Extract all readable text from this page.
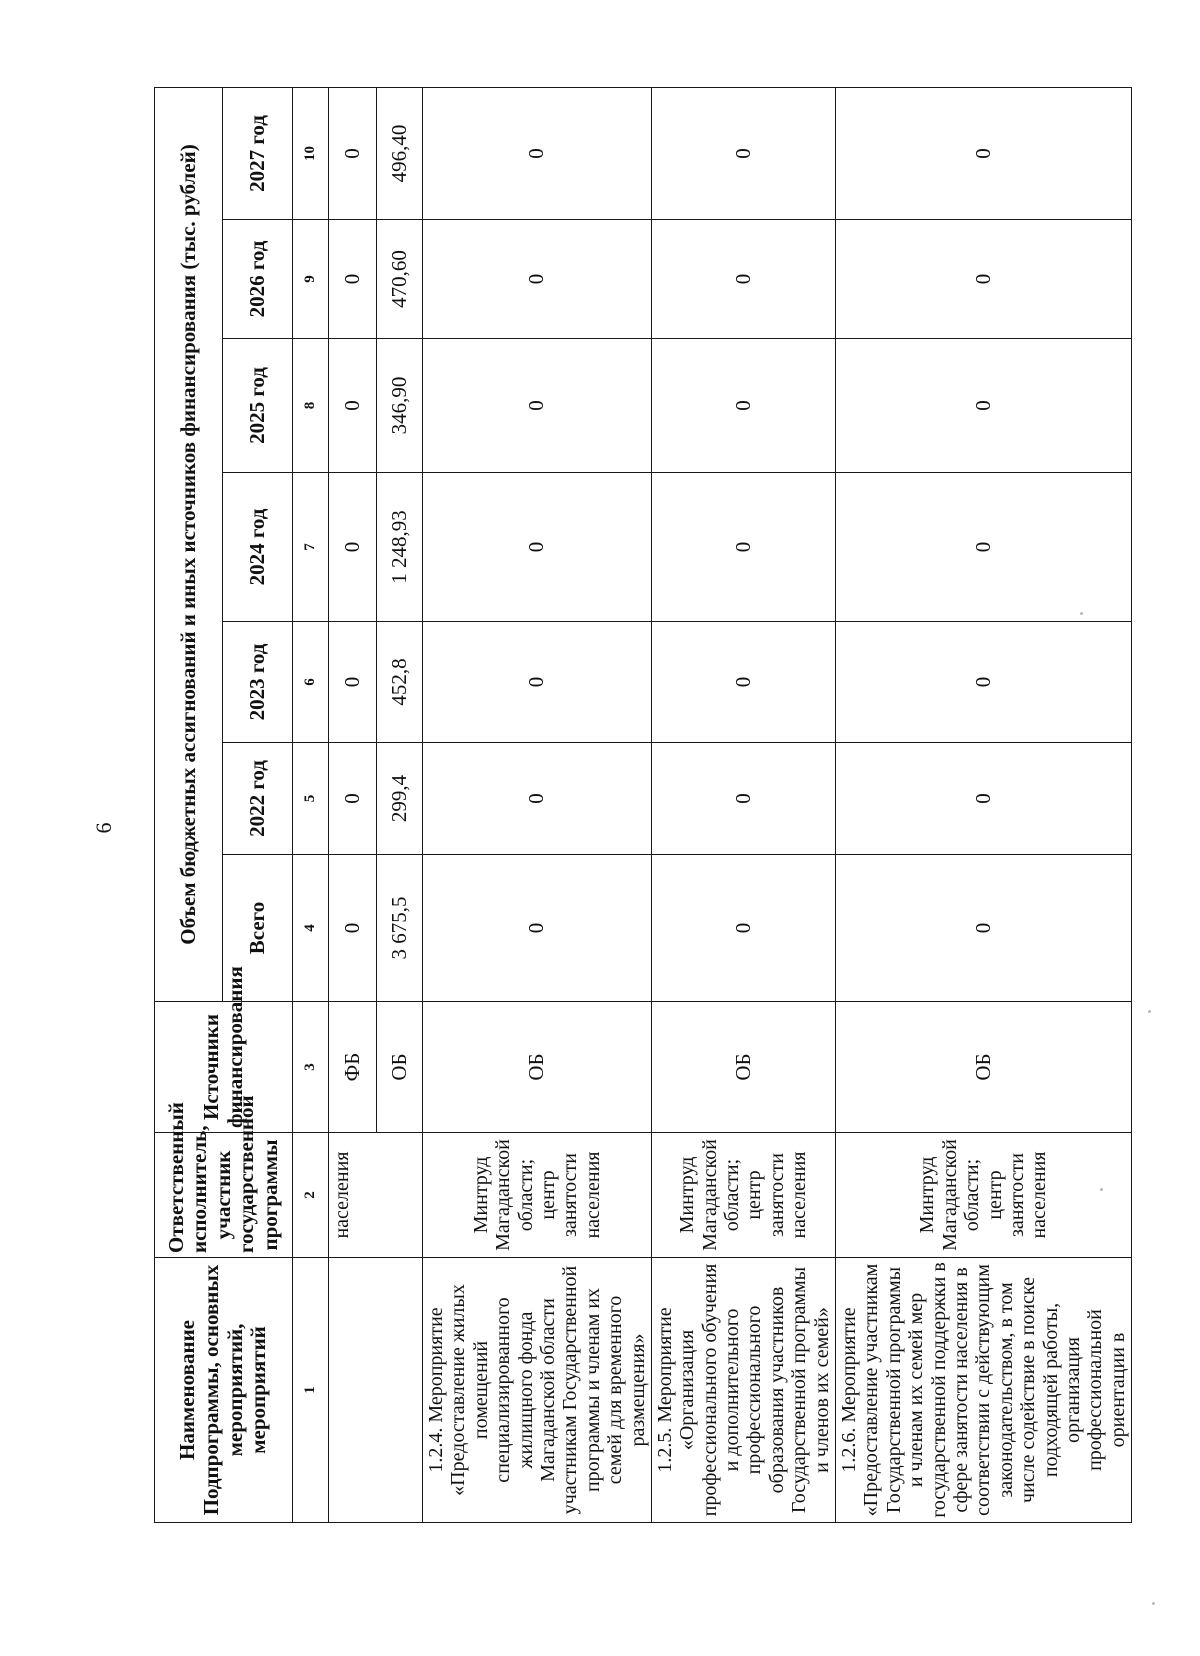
6
Наименование Подпрограммы, основных мероприятий, мероприятий	Ответственный исполнитель, участник государственной программы	Источники финансирования	Объем бюджетных ассигнований и иных источников финансирования (тыс. рублей)						
			Всего	2022 год	2023 год	2024 год	2025 год	2026 год	2027 год
1	2	3	4	5	6	7	8	9	10
	населения	ФБ	0	0	0	0	0	0	0
		ОБ	3 675,5	299,4	452,8	1 248,93	346,90	470,60	496,40
1.2.4. Мероприятие «Предоставление жилых помещений специализированного жилищного фонда Магаданской области участникам Государственной программы и членам их семей для временного размещения»	Минтруд Магаданской области; центр занятости населения	ОБ	0	0	0	0	0	0	0
1.2.5. Мероприятие «Организация профессионального обучения и дополнительного профессионального образования участников Государственной программы и членов их семей»	Минтруд Магаданской области; центр занятости населения	ОБ	0	0	0	0	0	0	0
1.2.6. Мероприятие «Предоставление участникам Государственной программы и членам их семей мер государственной поддержки в сфере занятости населения в соответствии с действующим законодательством, в том числе содействие в поиске подходящей работы, организация профессиональной ориентации в	Минтруд Магаданской области; центр занятости населения	ОБ	0	0	0	0	0	0	0
